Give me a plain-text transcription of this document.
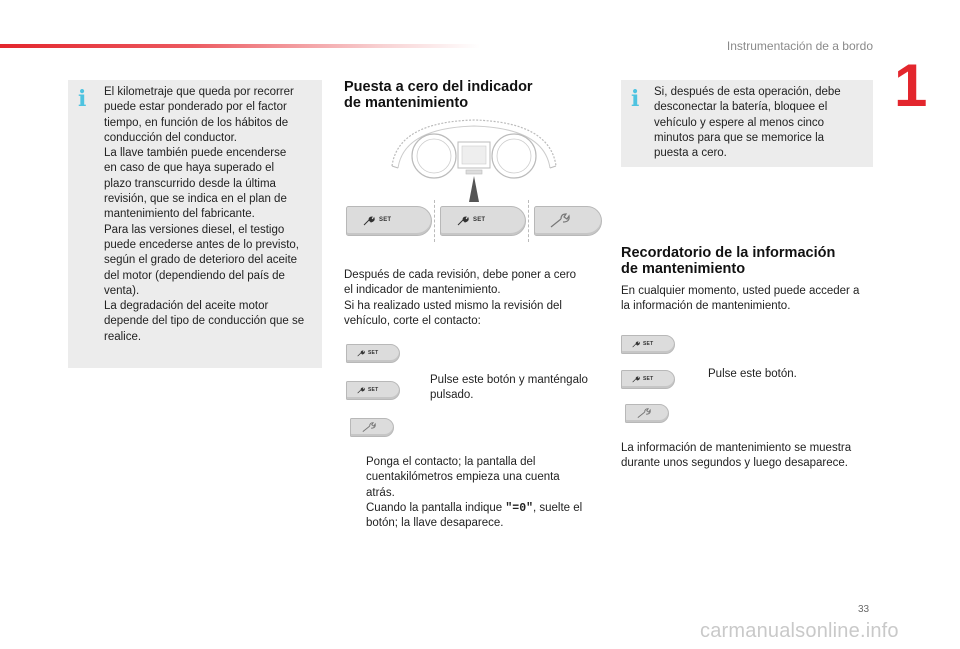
Instrumentación de a bordo
1
i El kilometraje que queda por recorrer
puede estar ponderado por el factor
tiempo, en función de los hábitos de
conducción del conductor.
La llave también puede encenderse
en caso de que haya superado el
plazo transcurrido desde la última
revisión, que se indica en el plan de
mantenimiento del fabricante.
Para las versiones diesel, el testigo
puede encederse antes de lo previsto,
según el grado de deterioro del aceite
del motor (dependiendo del país de
venta).
La degradación del aceite motor
depende del tipo de conducción que se
realice.
Puesta a cero del indicador
de mantenimiento
SET	SET
Después de cada revisión, debe poner a cero
el indicador de mantenimiento.
Si ha realizado usted mismo la revisión del
vehículo, corte el contacto:
SET
SET
Pulse este botón y manténgalo
pulsado.
Ponga el contacto; la pantalla del
cuentakilómetros empieza una cuenta
atrás.
Cuando la pantalla indique "=0", suelte el
botón; la llave desaparece.
i Si, después de esta operación, debe
desconectar la batería, bloquee el
vehículo y espere al menos cinco
minutos para que se memorice la
puesta a cero.
Recordatorio de la información
de mantenimiento
En cualquier momento, usted puede acceder a
la información de mantenimiento.
SET
SET	Pulse este botón.
La información de mantenimiento se muestra
durante unos segundos y luego desaparece.
33
carmanualsonline.info
